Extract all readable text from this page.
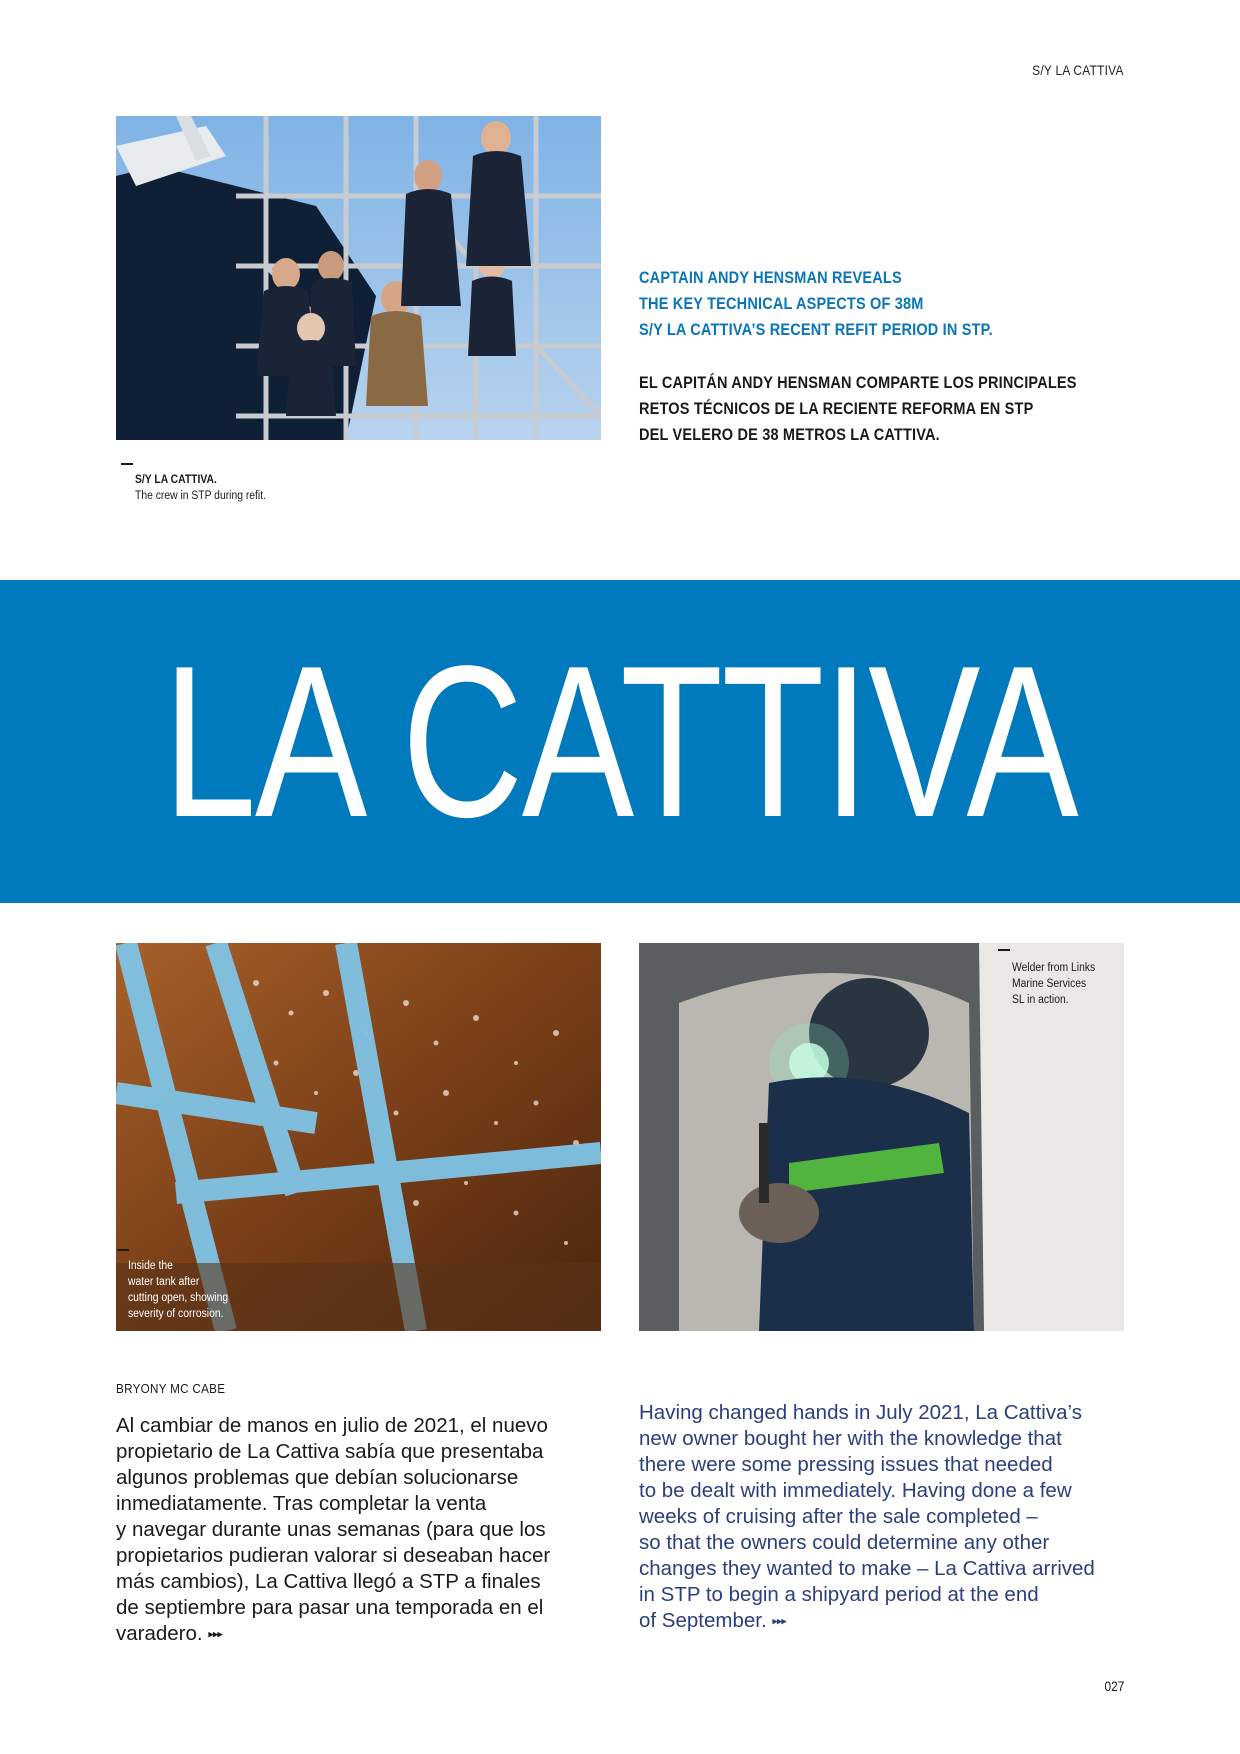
S/Y LA CATTIVA
S/Y LA CATTIVA.
The crew in STP during refit.
CAPTAIN ANDY HENSMAN REVEALS
THE KEY TECHNICAL ASPECTS OF 38M
S/Y LA CATTIVA’S RECENT REFIT PERIOD IN STP.
EL CAPITÁN ANDY HENSMAN COMPARTE LOS PRINCIPALES
RETOS TÉCNICOS DE LA RECIENTE REFORMA EN STP
DEL VELERO DE 38 METROS LA CATTIVA.
LA CATTIVA
Inside the
water tank after
cutting open, showing
severity of corrosion.
Welder from Links
Marine Services
SL in action.
BRYONY MC CABE
Al cambiar de manos en julio de 2021, el nuevo
propietario de La Cattiva sabía que presentaba
algunos problemas que debían solucionarse
inmediatamente. Tras completar la venta
y navegar durante unas semanas (para que los
propietarios pudieran valorar si deseaban hacer
más cambios), La Cattiva llegó a STP a finales
de septiembre para pasar una temporada en el
varadero. ▸▸▸
Having changed hands in July 2021, La Cattiva’s
new owner bought her with the knowledge that
there were some pressing issues that needed
to be dealt with immediately. Having done a few
weeks of cruising after the sale completed –
so that the owners could determine any other
changes they wanted to make – La Cattiva arrived
in STP to begin a shipyard period at the end
of September. ▸▸▸
027
